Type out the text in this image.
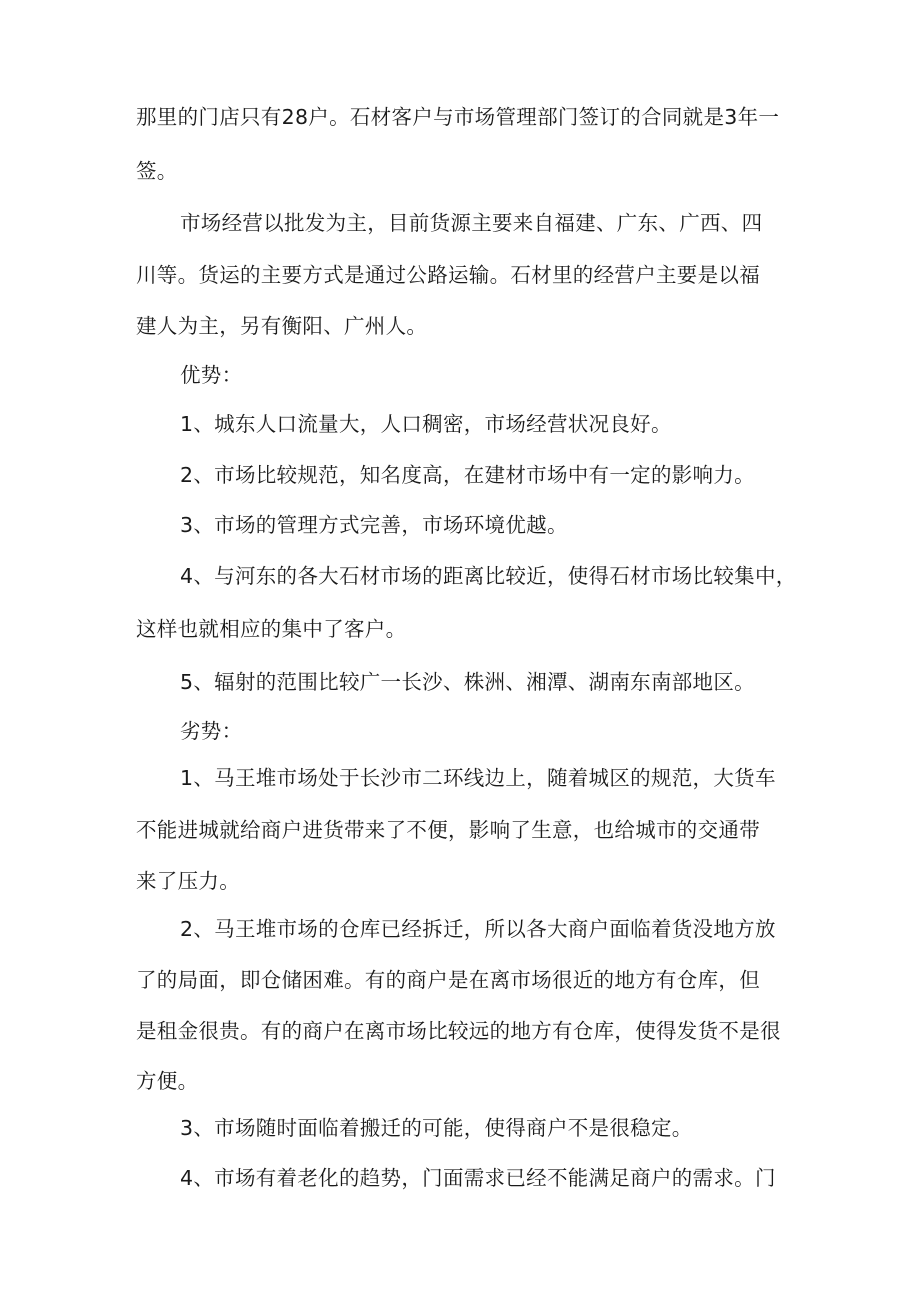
那里的门店只有28户。石材客户与市场管理部门签订的合同就是3年一
签。
市场经营以批发为主，目前货源主要来自福建、广东、广西、四
川等。货运的主要方式是通过公路运输。石材里的经营户主要是以福
建人为主，另有衡阳、广州人。
优势：
1、城东人口流量大，人口稠密，市场经营状况良好。
2、市场比较规范，知名度高，在建材市场中有一定的影响力。
3、市场的管理方式完善，市场环境优越。
4、与河东的各大石材市场的距离比较近，使得石材市场比较集中，
这样也就相应的集中了客户。
5、辐射的范围比较广一长沙、株洲、湘潭、湖南东南部地区。
劣势：
1、马王堆市场处于长沙市二环线边上，随着城区的规范，大货车
不能进城就给商户进货带来了不便，影响了生意，也给城市的交通带
来了压力。
2、马王堆市场的仓库已经拆迁，所以各大商户面临着货没地方放
了的局面，即仓储困难。有的商户是在离市场很近的地方有仓库，但
是租金很贵。有的商户在离市场比较远的地方有仓库，使得发货不是很
方便。
3、市场随时面临着搬迁的可能，使得商户不是很稳定。
4、市场有着老化的趋势，门面需求已经不能满足商户的需求。门
